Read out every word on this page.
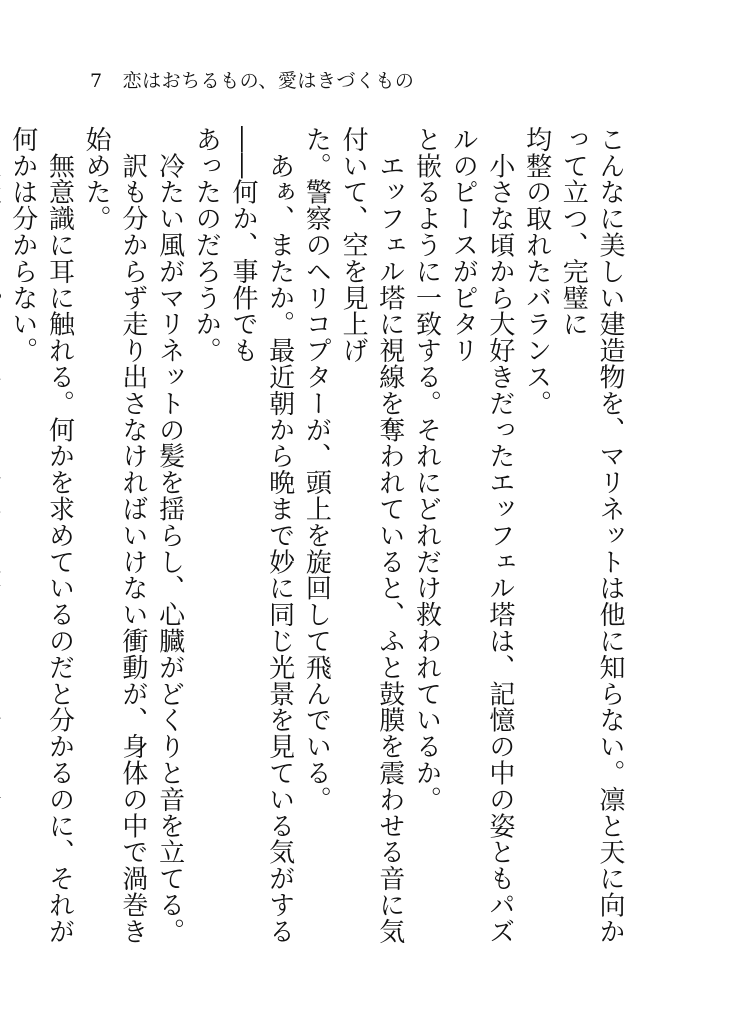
7 恋はおちるもの、愛はきづくもの

こんなに美しい建造物を、マリネットは他に知らない。凛と天に向かって立つ、完璧に

均整の取れたバランス。

　小さな頃から大好きだったエッフェル塔は、記憶の中の姿ともパズルのピースがピタリ

と嵌るように一致する。それにどれだけ救われているか。

　エッフェル塔に視線を奪われていると、ふと鼓膜を震わせる音に気付いて、空を見上げ

た。警察のヘリコプターが、頭上を旋回して飛んでいる。

　あぁ、またか。最近朝から晩まで妙に同じ光景を見ている気がする――何か、事件でも

あったのだろうか。

　冷たい風がマリネットの髪を揺らし、心臓がどくりと音を立てる。

　訳も分からず走り出さなければいけない衝動が、身体の中で渦巻き始めた。

　無意識に耳に触れる。何かを求めているのだと分かるのに、それが何かは分からない。
